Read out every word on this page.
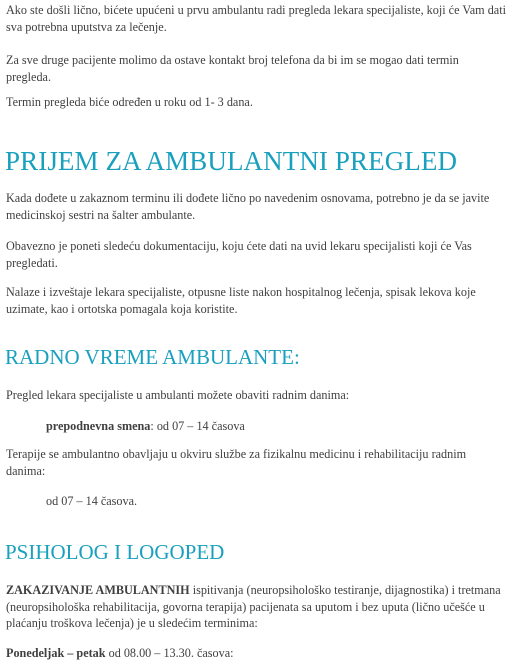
Ako ste došli lično, bićete upućeni u prvu ambulantu radi pregleda lekara specijaliste, koji će Vam dati sva potrebna uputstva za lečenje.

Za sve druge pacijente molimo da ostave kontakt broj telefona da bi im se mogao dati termin pregleda.

Termin pregleda biće određen u roku od 1- 3 dana.

PRIJEM ZA AMBULANTNI PREGLED

Kada dođete u zakaznom terminu ili dođete lično po navedenim osnovama, potrebno je da se javite medicinskoj sestri na šalter ambulante.

Obavezno je poneti sledeću dokumentaciju, koju ćete dati na uvid lekaru specijalisti koji će Vas pregledati.

Nalaze i izveštaje lekara specijaliste, otpusne liste nakon hospitalnog lečenja, spisak lekova koje uzimate, kao i ortotska pomagala koja koristite.

RADNO VREME AMBULANTE:

Pregled lekara specijaliste u ambulanti možete obaviti radnim danima:

prepodnevna smena: od 07 – 14 časova

Terapije se ambulantno obavljaju u okviru službe za fizikalnu medicinu i rehabilitaciju radnim danima:

od 07 – 14 časova.

PSIHOLOG I LOGOPED

ZAKAZIVANJE AMBULANTNIH ispitivanja (neuropsihološko testiranje, dijagnostika) i tretmana (neuropsihološka rehabilitacija, govorna terapija) pacijenata sa uputom i bez uputa (lično učešće u plaćanju troškova lečenja) je u sledećim terminima:

Ponedeljak – petak od 08.00 – 13.30. časova:
